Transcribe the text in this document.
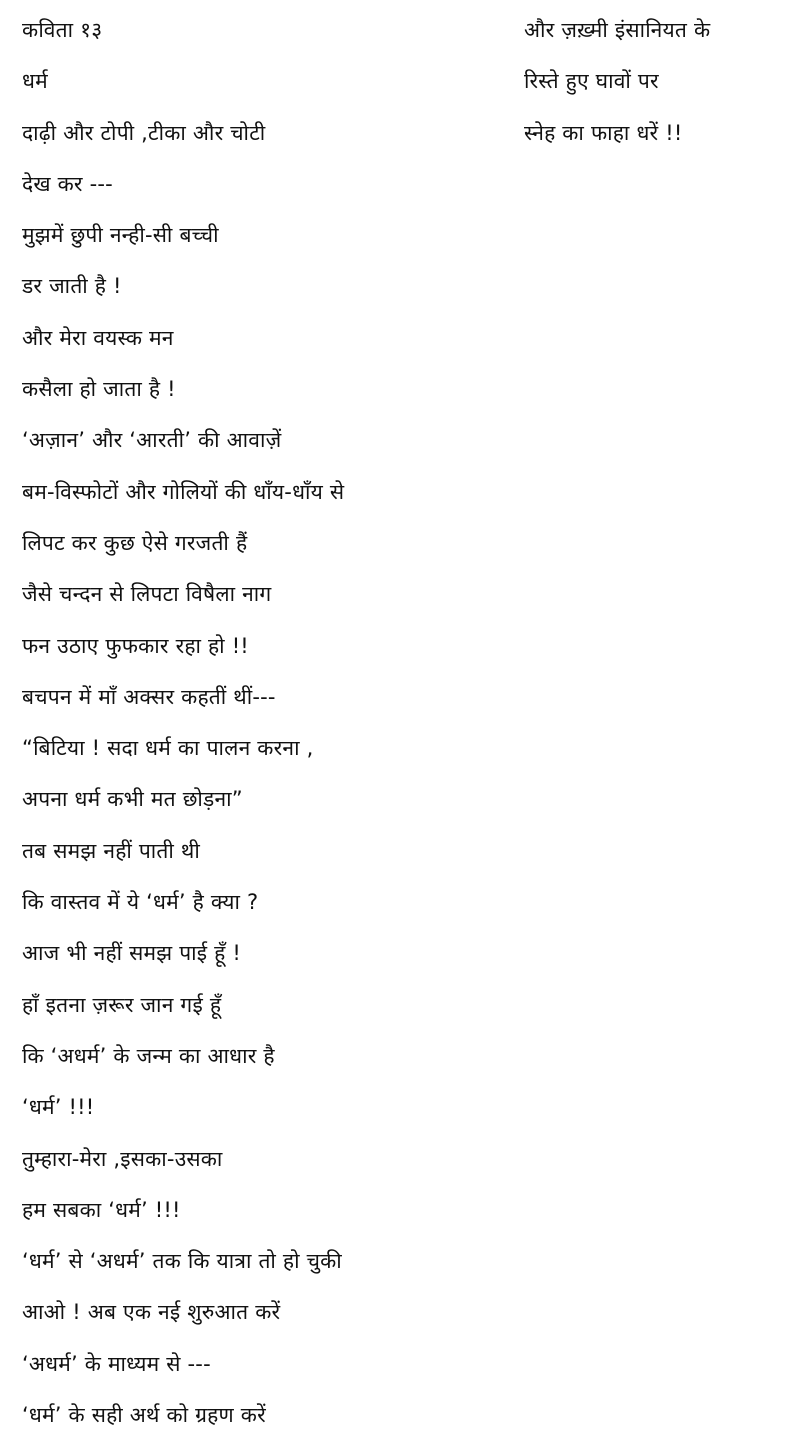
कविता १३
धर्म
दाढ़ी और टोपी ,टीका और चोटी
देख कर ---
मुझमें छुपी नन्ही-सी बच्ची
डर जाती है !
और मेरा वयस्क मन
कसैला हो जाता है !
‘अज़ान’ और ‘आरती’ की आवाज़ें
बम-विस्फोटों और गोलियों की धाँय-धाँय से
लिपट कर कुछ ऐसे गरजती हैं
जैसे चन्दन से लिपटा विषैला नाग
फन उठाए फुफकार रहा हो !!
बचपन में माँ अक्सर कहतीं थीं---
“बिटिया ! सदा धर्म का पालन करना ,
अपना धर्म कभी मत छोड़ना”
तब समझ नहीं पाती थी
कि वास्तव में ये ‘धर्म’ है क्या ?
आज भी नहीं समझ पाई हूँ !
हाँ इतना ज़रूर जान गई हूँ
कि ‘अधर्म’ के जन्म का आधार है
‘धर्म’ !!!
तुम्हारा-मेरा ,इसका-उसका
हम सबका ‘धर्म’ !!!
‘धर्म’ से ‘अधर्म’ तक कि यात्रा तो हो चुकी
आओ ! अब एक नई शुरुआत करें
‘अधर्म’ के माध्यम से ---
‘धर्म’ के सही अर्थ को ग्रहण करें
और ज़ख़्मी इंसानियत के
रिस्ते हुए घावों पर
स्नेह का फाहा धरें !!
